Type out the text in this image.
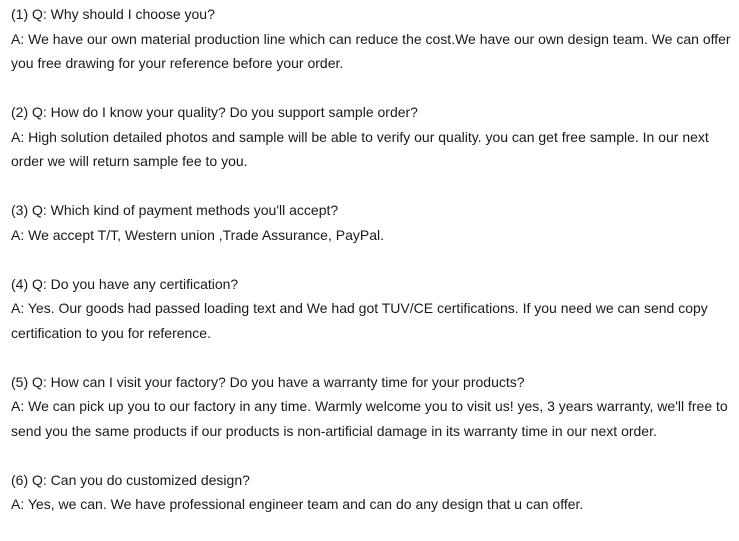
(1) Q: Why should I choose you?

A: We have our own material production line which can reduce the cost.We have our own design team. We can offer
you free drawing for your reference before your order.

(2) Q: How do I know your quality? Do you support sample order?

A: High solution detailed photos and sample will be able to verify our quality. you can get free sample. In our next
order we will return sample fee to you.

(3) Q: Which kind of payment methods you'll accept?

A: We accept T/T, Western union ,Trade Assurance, PayPal.

(4) Q: Do you have any certification?

A: Yes. Our goods had passed loading text and We had got TUV/CE certifications. If you need we can send copy
certification to you for reference.

(5) Q: How can I visit your factory? Do you have a warranty time for your products?

A: We can pick up you to our factory in any time. Warmly welcome you to visit us! yes, 3 years warranty, we'll free to
send you the same products if our products is non-artificial damage in its warranty time in our next order.

(6) Q: Can you do customized design?

A: Yes, we can. We have professional engineer team and can do any design that u can offer.
